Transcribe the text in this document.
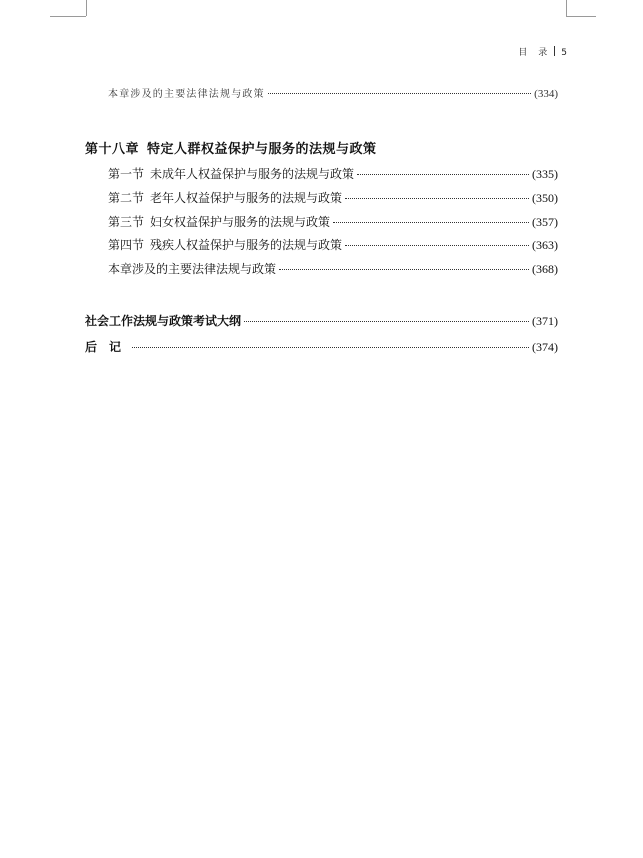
目　录 5
本章涉及的主要法律法规与政策	(334)
第十八章 特定人群权益保护与服务的法规与政策
第一节 未成年人权益保护与服务的法规与政策	(335)
第二节 老年人权益保护与服务的法规与政策	(350)
第三节 妇女权益保护与服务的法规与政策	(357)
第四节 残疾人权益保护与服务的法规与政策	(363)
本章涉及的主要法律法规与政策	(368)
社会工作法规与政策考试大纲	(371)
后　记	(374)
